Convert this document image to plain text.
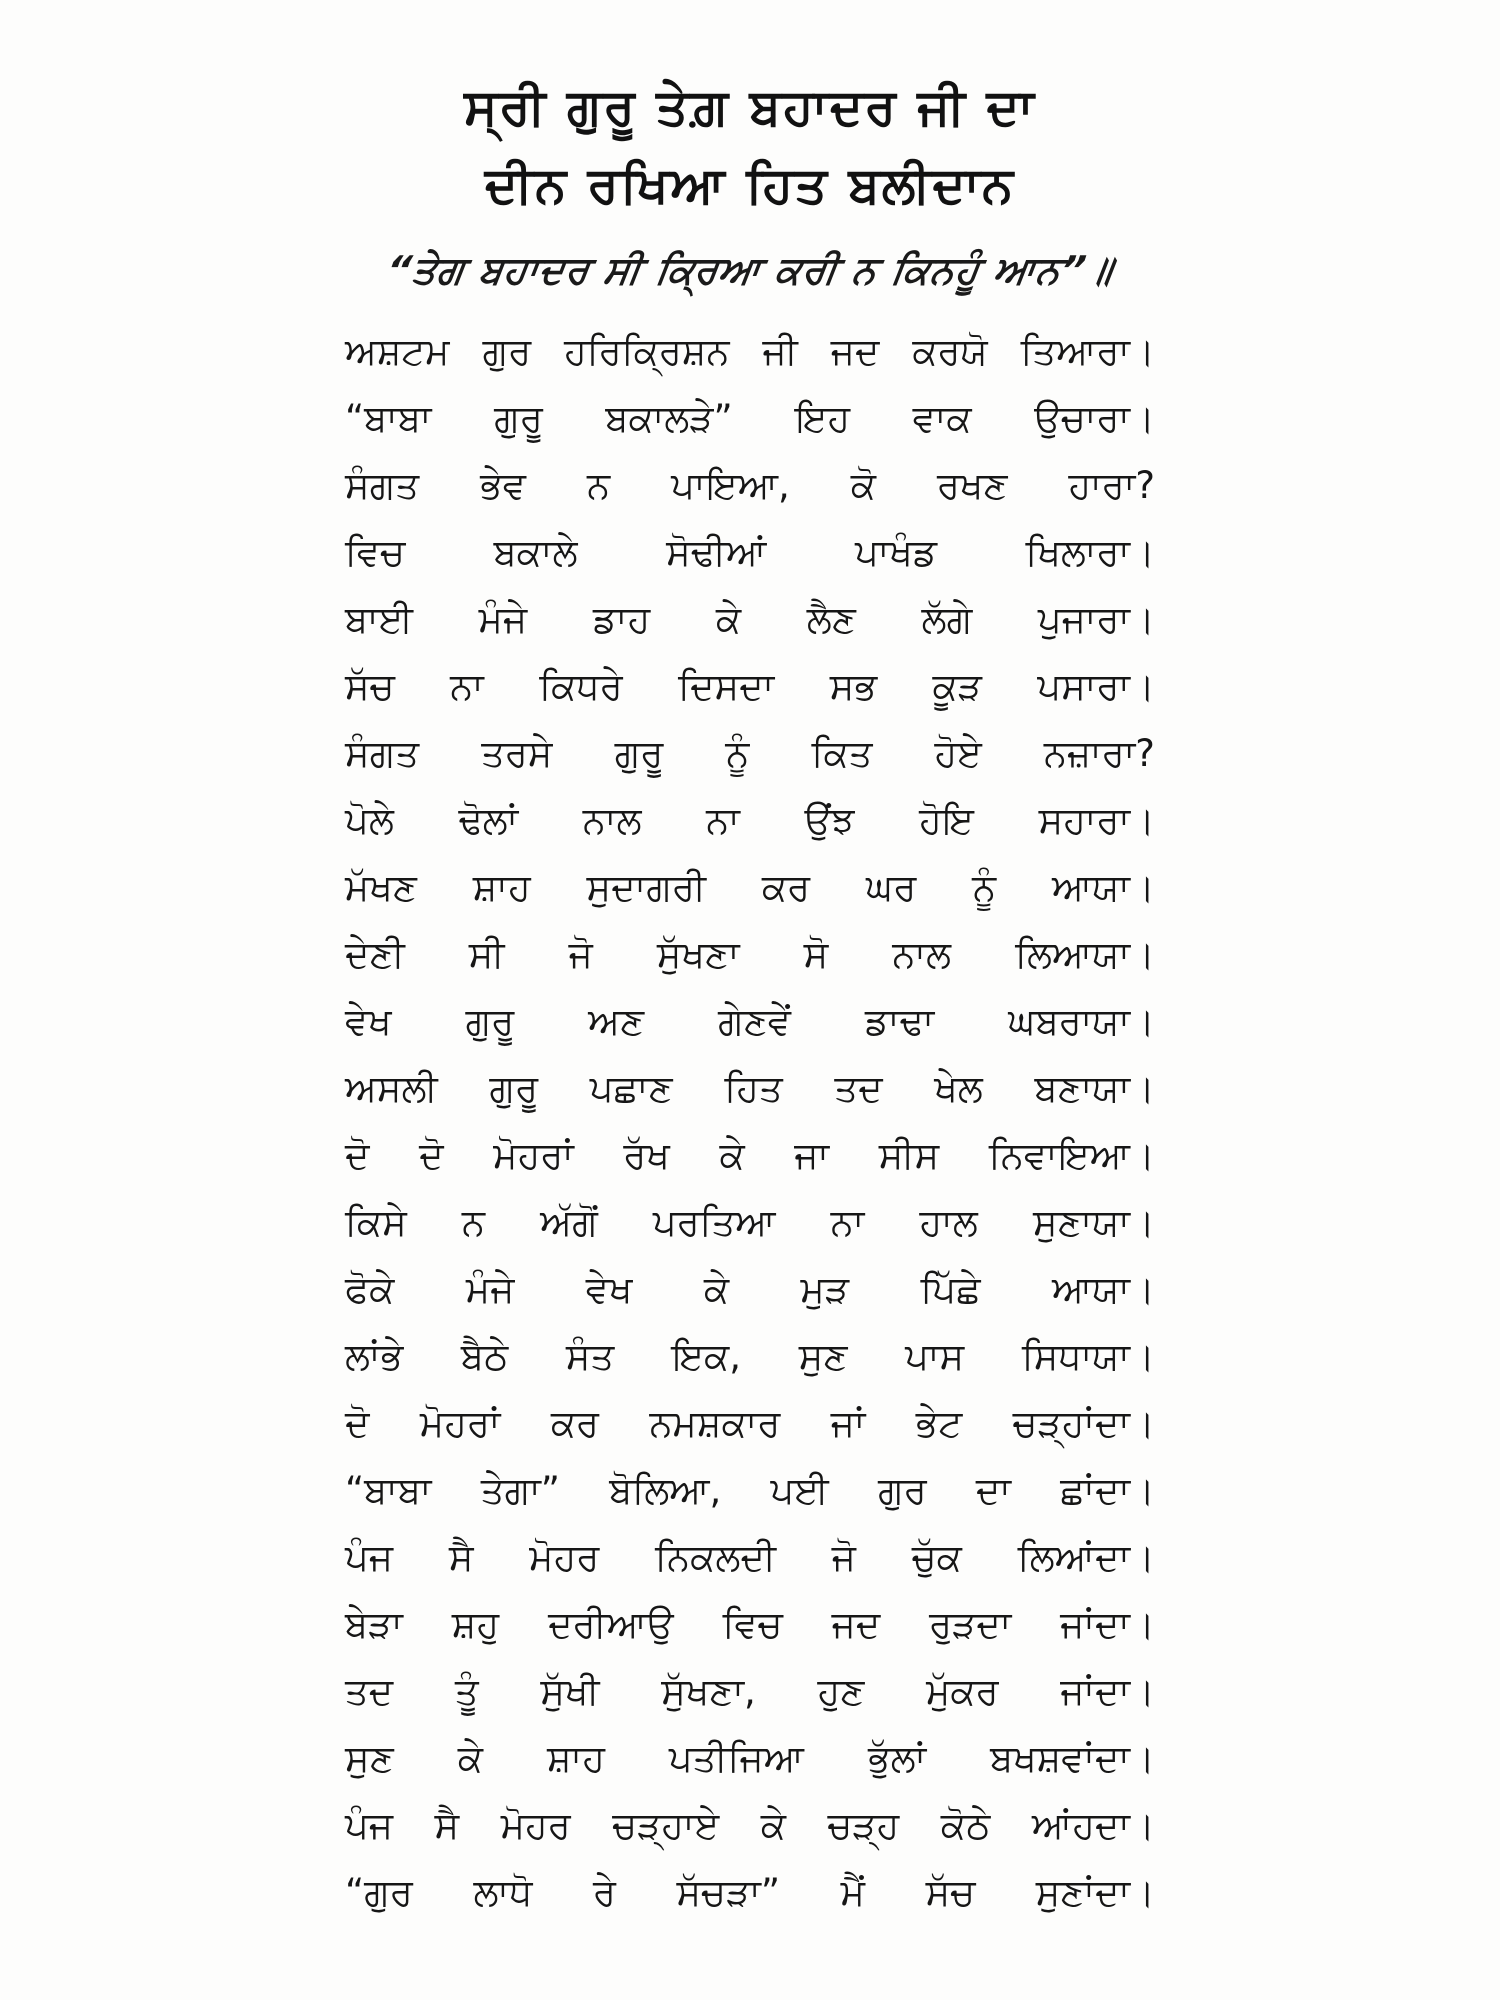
ਸ੍ਰੀ ਗੁਰੂ ਤੇਗ਼ ਬਹਾਦਰ ਜੀ ਦਾ
ਦੀਨ ਰਖਿਆ ਹਿਤ ਬਲੀਦਾਨ
“ਤੇਗ ਬਹਾਦਰ ਸੀ ਕ੍ਰਿਆ ਕਰੀ ਨ ਕਿਨਹੂੰ ਆਨ”॥
ਅਸ਼ਟਮ ਗੁਰ ਹਰਿਕ੍ਰਿਸ਼ਨ ਜੀ ਜਦ ਕਰਯੋ ਤਿਆਰਾ।
“ਬਾਬਾ ਗੁਰੂ ਬਕਾਲੜੇ” ਇਹ ਵਾਕ ਉਚਾਰਾ।
ਸੰਗਤ ਭੇਵ ਨ ਪਾਇਆ, ਕੋ ਰਖਣ ਹਾਰਾ?
ਵਿਚ ਬਕਾਲੇ ਸੋਢੀਆਂ ਪਾਖੰਡ ਖਿਲਾਰਾ।
ਬਾਈ ਮੰਜੇ ਡਾਹ ਕੇ ਲੈਣ ਲੱਗੇ ਪੁਜਾਰਾ।
ਸੱਚ ਨਾ ਕਿਧਰੇ ਦਿਸਦਾ ਸਭ ਕੂੜ ਪਸਾਰਾ।
ਸੰਗਤ ਤਰਸੇ ਗੁਰੂ ਨੂੰ ਕਿਤ ਹੋਏ ਨਜ਼ਾਰਾ?
ਪੋਲੇ ਢੋਲਾਂ ਨਾਲ ਨਾ ਉਂਝ ਹੋਇ ਸਹਾਰਾ।
ਮੱਖਣ ਸ਼ਾਹ ਸੁਦਾਗਰੀ ਕਰ ਘਰ ਨੂੰ ਆਯਾ।
ਦੇਣੀ ਸੀ ਜੋ ਸੁੱਖਣਾ ਸੋ ਨਾਲ ਲਿਆਯਾ।
ਵੇਖ ਗੁਰੂ ਅਣ ਗੇਣਵੇਂ ਡਾਢਾ ਘਬਰਾਯਾ।
ਅਸਲੀ ਗੁਰੂ ਪਛਾਣ ਹਿਤ ਤਦ ਖੇਲ ਬਣਾਯਾ।
ਦੋ ਦੋ ਮੋਹਰਾਂ ਰੱਖ ਕੇ ਜਾ ਸੀਸ ਨਿਵਾਇਆ।
ਕਿਸੇ ਨ ਅੱਗੋਂ ਪਰਤਿਆ ਨਾ ਹਾਲ ਸੁਣਾਯਾ।
ਫੋਕੇ ਮੰਜੇ ਵੇਖ ਕੇ ਮੁੜ ਪਿੱਛੇ ਆਯਾ।
ਲਾਂਭੇ ਬੈਠੇ ਸੰਤ ਇਕ, ਸੁਣ ਪਾਸ ਸਿਧਾਯਾ।
ਦੋ ਮੋਹਰਾਂ ਕਰ ਨਮਸ਼ਕਾਰ ਜਾਂ ਭੇਟ ਚੜ੍ਹਾਂਦਾ।
“ਬਾਬਾ ਤੇਗਾ” ਬੋਲਿਆ, ਪਈ ਗੁਰ ਦਾ ਛਾਂਦਾ।
ਪੰਜ ਸੈ ਮੋਹਰ ਨਿਕਲਦੀ ਜੋ ਚੁੱਕ ਲਿਆਂਦਾ।
ਬੇੜਾ ਸ਼ਹੁ ਦਰੀਆਉ ਵਿਚ ਜਦ ਰੁੜਦਾ ਜਾਂਦਾ।
ਤਦ ਤੂੰ ਸੁੱਖੀ ਸੁੱਖਣਾ, ਹੁਣ ਮੁੱਕਰ ਜਾਂਦਾ।
ਸੁਣ ਕੇ ਸ਼ਾਹ ਪਤੀਜਿਆ ਭੁੱਲਾਂ ਬਖਸ਼ਵਾਂਦਾ।
ਪੰਜ ਸੈ ਮੋਹਰ ਚੜ੍ਹਾਏ ਕੇ ਚੜ੍ਹ ਕੋਠੇ ਆਂਹਦਾ।
“ਗੁਰ ਲਾਧੋ ਰੇ ਸੱਚੜਾ” ਮੈਂ ਸੱਚ ਸੁਣਾਂਦਾ।
